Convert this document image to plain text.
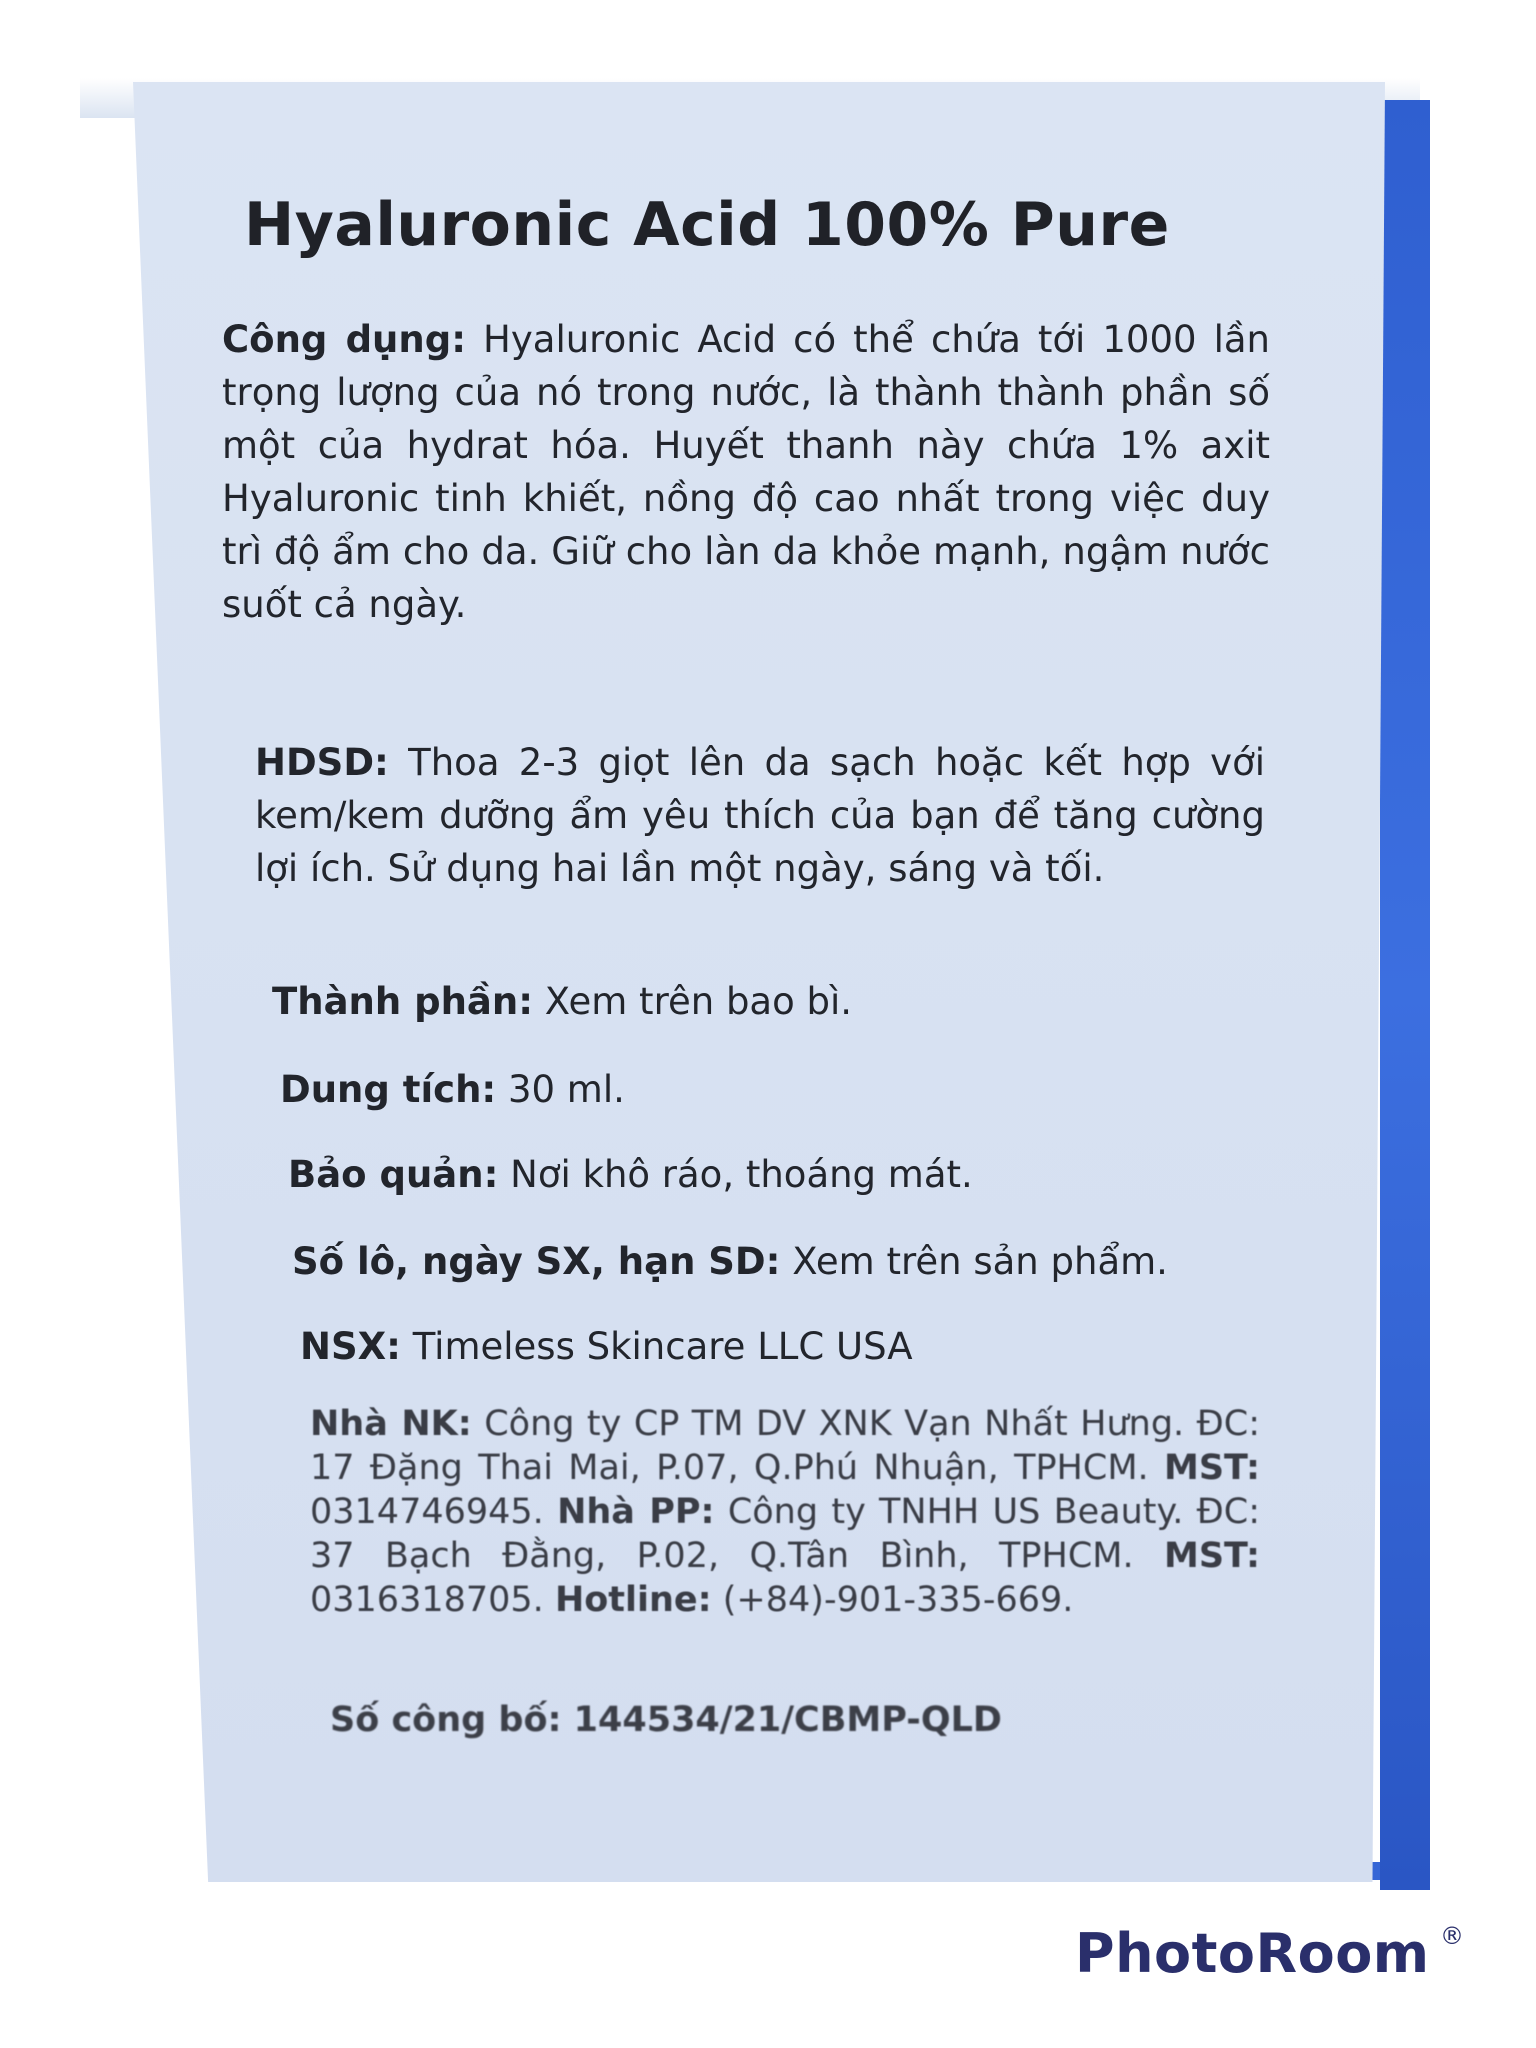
Hyaluronic Acid 100% Pure
Công dụng: Hyaluronic Acid có thể chứa tới 1000 lần trọng lượng của nó trong nước, là thành thành phần số một của hydrat hóa. Huyết thanh này chứa 1% axit Hyaluronic tinh khiết, nồng độ cao nhất trong việc duy trì độ ẩm cho da. Giữ cho làn da khỏe mạnh, ngậm nước suốt cả ngày.
HDSD: Thoa 2-3 giọt lên da sạch hoặc kết hợp với kem/kem dưỡng ẩm yêu thích của bạn để tăng cường lợi ích. Sử dụng hai lần một ngày, sáng và tối.
Thành phần: Xem trên bao bì.
Dung tích: 30 ml.
Bảo quản: Nơi khô ráo, thoáng mát.
Số lô, ngày SX, hạn SD: Xem trên sản phẩm.
NSX: Timeless Skincare LLC USA
Nhà NK: Công ty CP TM DV XNK Vạn Nhất Hưng. ĐC: 17 Đặng Thai Mai, P.07, Q.Phú Nhuận, TPHCM. MST: 0314746945. Nhà PP: Công ty TNHH US Beauty. ĐC: 37 Bạch Đằng, P.02, Q.Tân Bình, TPHCM. MST: 0316318705. Hotline: (+84)-901-335-669.
Số công bố: 144534/21/CBMP-QLD
PhotoRoom ®
